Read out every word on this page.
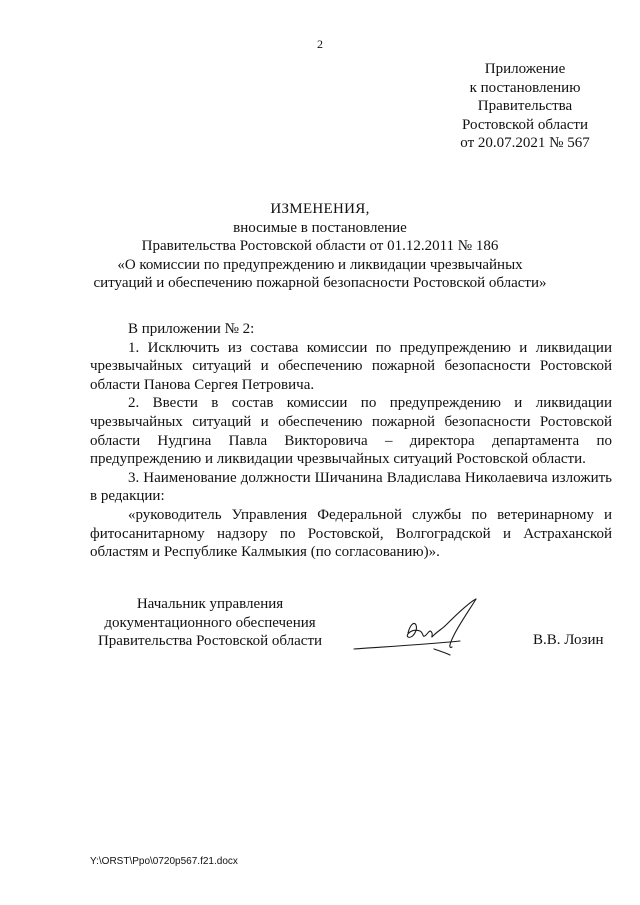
2
Приложение
к постановлению
Правительства
Ростовской области
от 20.07.2021 № 567
ИЗМЕНЕНИЯ,
вносимые в постановление
Правительства Ростовской области от 01.12.2011 № 186
«О комиссии по предупреждению и ликвидации чрезвычайных
ситуаций и обеспечению пожарной безопасности Ростовской области»

В приложении № 2:

1. Исключить из состава комиссии по предупреждению и ликвидации чрезвычайных ситуаций и обеспечению пожарной безопасности Ростовской области Панова Сергея Петровича.

2. Ввести в состав комиссии по предупреждению и ликвидации чрезвычайных ситуаций и обеспечению пожарной безопасности Ростовской области Нудгина Павла Викторовича – директора департамента по предупреждению и ликвидации чрезвычайных ситуаций Ростовской области.

3. Наименование должности Шичанина Владислава Николаевича изложить в редакции:

«руководитель Управления Федеральной службы по ветеринарному и фитосанитарному надзору по Ростовской, Волгоградской и Астраханской областям и Республике Калмыкия (по согласованию)».

Начальник управления
документационного обеспечения
Правительства Ростовской области	В.В. Лозин
Y:\ORST\Ppo\0720p567.f21.docx
